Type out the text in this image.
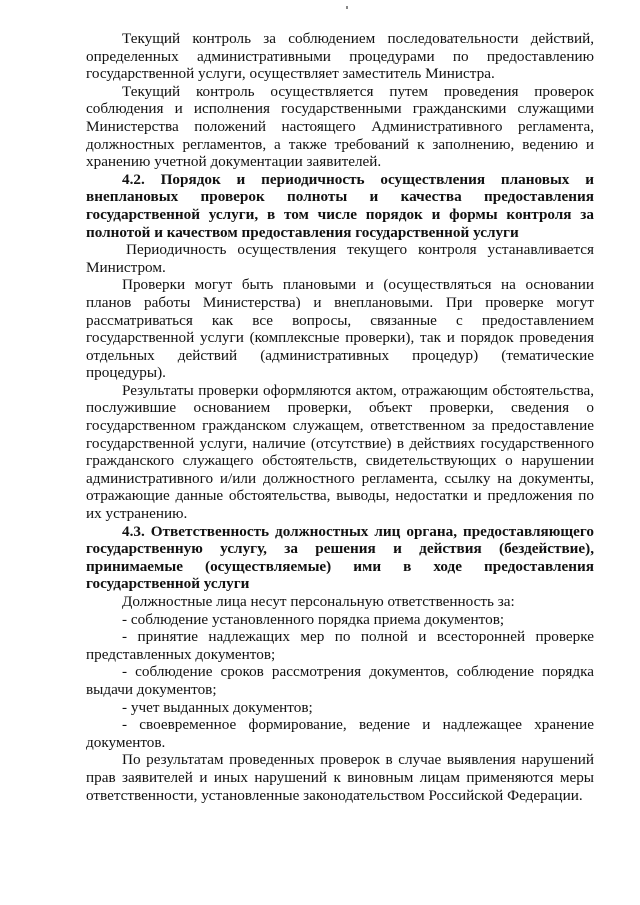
Текущий контроль за соблюдением последовательности действий, определенных административными процедурами по предоставлению государственной услуги, осуществляет заместитель Министра.

Текущий контроль осуществляется путем проведения проверок соблюдения и исполнения государственными гражданскими служащими Министерства положений настоящего Административного регламента, должностных регламентов, а также требований к заполнению, ведению и хранению учетной документации заявителей.

4.2. Порядок и периодичность осуществления плановых и внеплановых проверок полноты и качества предоставления государственной услуги, в том числе порядок и формы контроля за полнотой и качеством предоставления государственной услуги

Периодичность осуществления текущего контроля устанавливается Министром.

Проверки могут быть плановыми и (осуществляться на основании планов работы Министерства) и внеплановыми. При проверке могут рассматриваться как все вопросы, связанные с предоставлением государственной услуги (комплексные проверки), так и порядок проведения отдельных действий (административных процедур) (тематические процедуры).

Результаты проверки оформляются актом, отражающим обстоятельства, послужившие основанием проверки, объект проверки, сведения о государственном гражданском служащем, ответственном за предоставление государственной услуги, наличие (отсутствие) в действиях государственного гражданского служащего обстоятельств, свидетельствующих о нарушении административного и/или должностного регламента, ссылку на документы, отражающие данные обстоятельства, выводы, недостатки и предложения по их устранению.

4.3. Ответственность должностных лиц органа, предоставляющего государственную услугу, за решения и действия (бездействие), принимаемые (осуществляемые) ими в ходе предоставления государственной услуги

Должностные лица несут персональную ответственность за:

- соблюдение установленного порядка приема документов;

- принятие надлежащих мер по полной и всесторонней проверке представленных документов;

- соблюдение сроков рассмотрения документов, соблюдение порядка выдачи документов;

- учет выданных документов;

- своевременное формирование, ведение и надлежащее хранение документов.

По результатам проведенных проверок в случае выявления нарушений прав заявителей и иных нарушений к виновным лицам применяются меры ответственности, установленные законодательством Российской Федерации.
